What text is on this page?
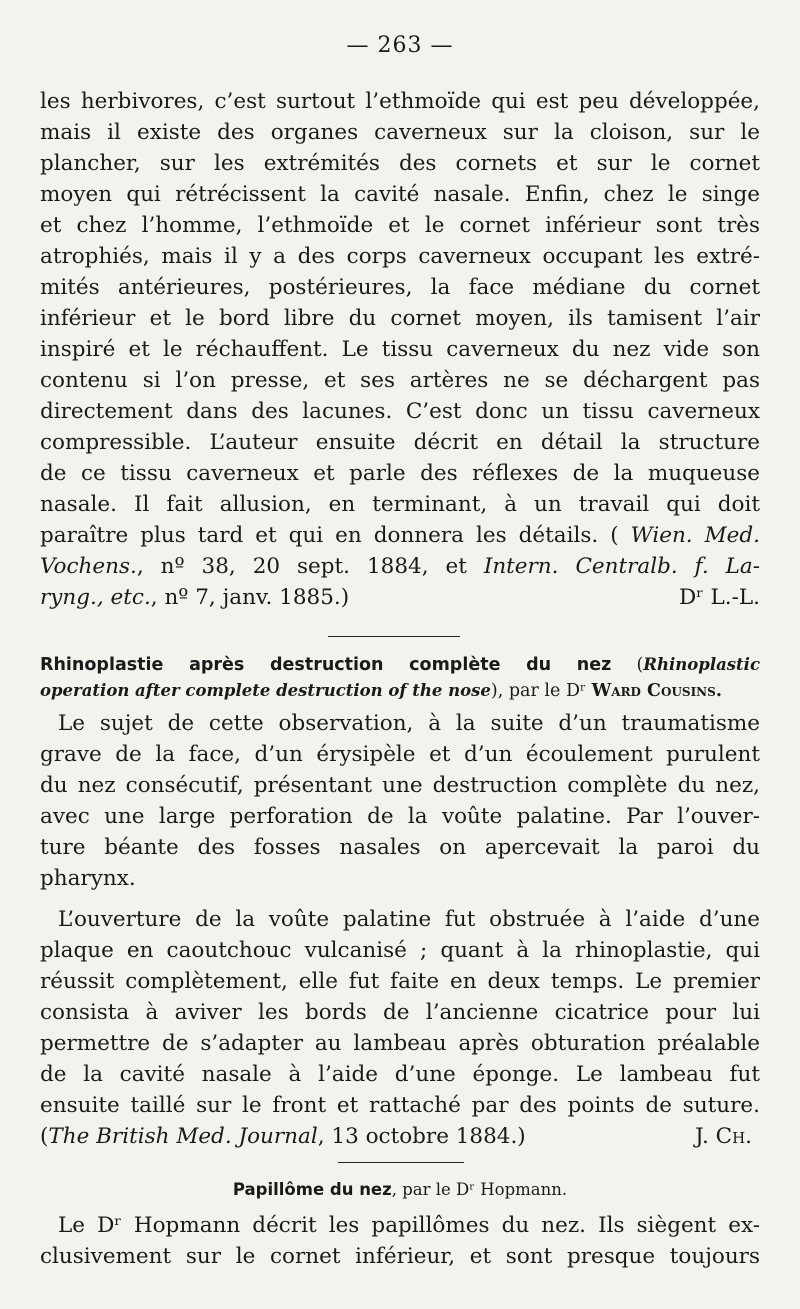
— 263 —
les herbivores, c’est surtout l’ethmoïde qui est peu développée,
mais il existe des organes caverneux sur la cloison, sur le
plancher, sur les extrémités des cornets et sur le cornet
moyen qui rétrécissent la cavité nasale. Enfin, chez le singe
et chez l’homme, l’ethmoïde et le cornet inférieur sont très
atrophiés, mais il y a des corps caverneux occupant les extré-
mités antérieures, postérieures, la face médiane du cornet
inférieur et le bord libre du cornet moyen, ils tamisent l’air
inspiré et le réchauffent. Le tissu caverneux du nez vide son
contenu si l’on presse, et ses artères ne se déchargent pas
directement dans des lacunes. C’est donc un tissu caverneux
compressible. L’auteur ensuite décrit en détail la structure
de ce tissu caverneux et parle des réflexes de la muqueuse
nasale. Il fait allusion, en terminant, à un travail qui doit
paraître plus tard et qui en donnera les détails. ( Wien. Med.
Vochens., nº 38, 20 sept. 1884, et Intern. Centralb. f. La-
ryng., etc., nº 7, janv. 1885.)	Dʳ L.-L.
Rhinoplastie après destruction complète du nez (Rhinoplastic
operation after complete destruction of the nose), par le Dʳ Ward Cousins.
Le sujet de cette observation, à la suite d’un traumatisme
grave de la face, d’un érysipèle et d’un écoulement purulent
du nez consécutif, présentant une destruction complète du nez,
avec une large perforation de la voûte palatine. Par l’ouver-
ture béante des fosses nasales on apercevait la paroi du
pharynx.
L’ouverture de la voûte palatine fut obstruée à l’aide d’une
plaque en caoutchouc vulcanisé ; quant à la rhinoplastie, qui
réussit complètement, elle fut faite en deux temps. Le premier
consista à aviver les bords de l’ancienne cicatrice pour lui
permettre de s’adapter au lambeau après obturation préalable
de la cavité nasale à l’aide d’une éponge. Le lambeau fut
ensuite taillé sur le front et rattaché par des points de suture.
(The British Med. Journal, 13 octobre 1884.)	J. Ch.
Papillôme du nez, par le Dʳ Hopmann.
Le Dʳ Hopmann décrit les papillômes du nez. Ils siègent ex-
clusivement sur le cornet inférieur, et sont presque toujours
